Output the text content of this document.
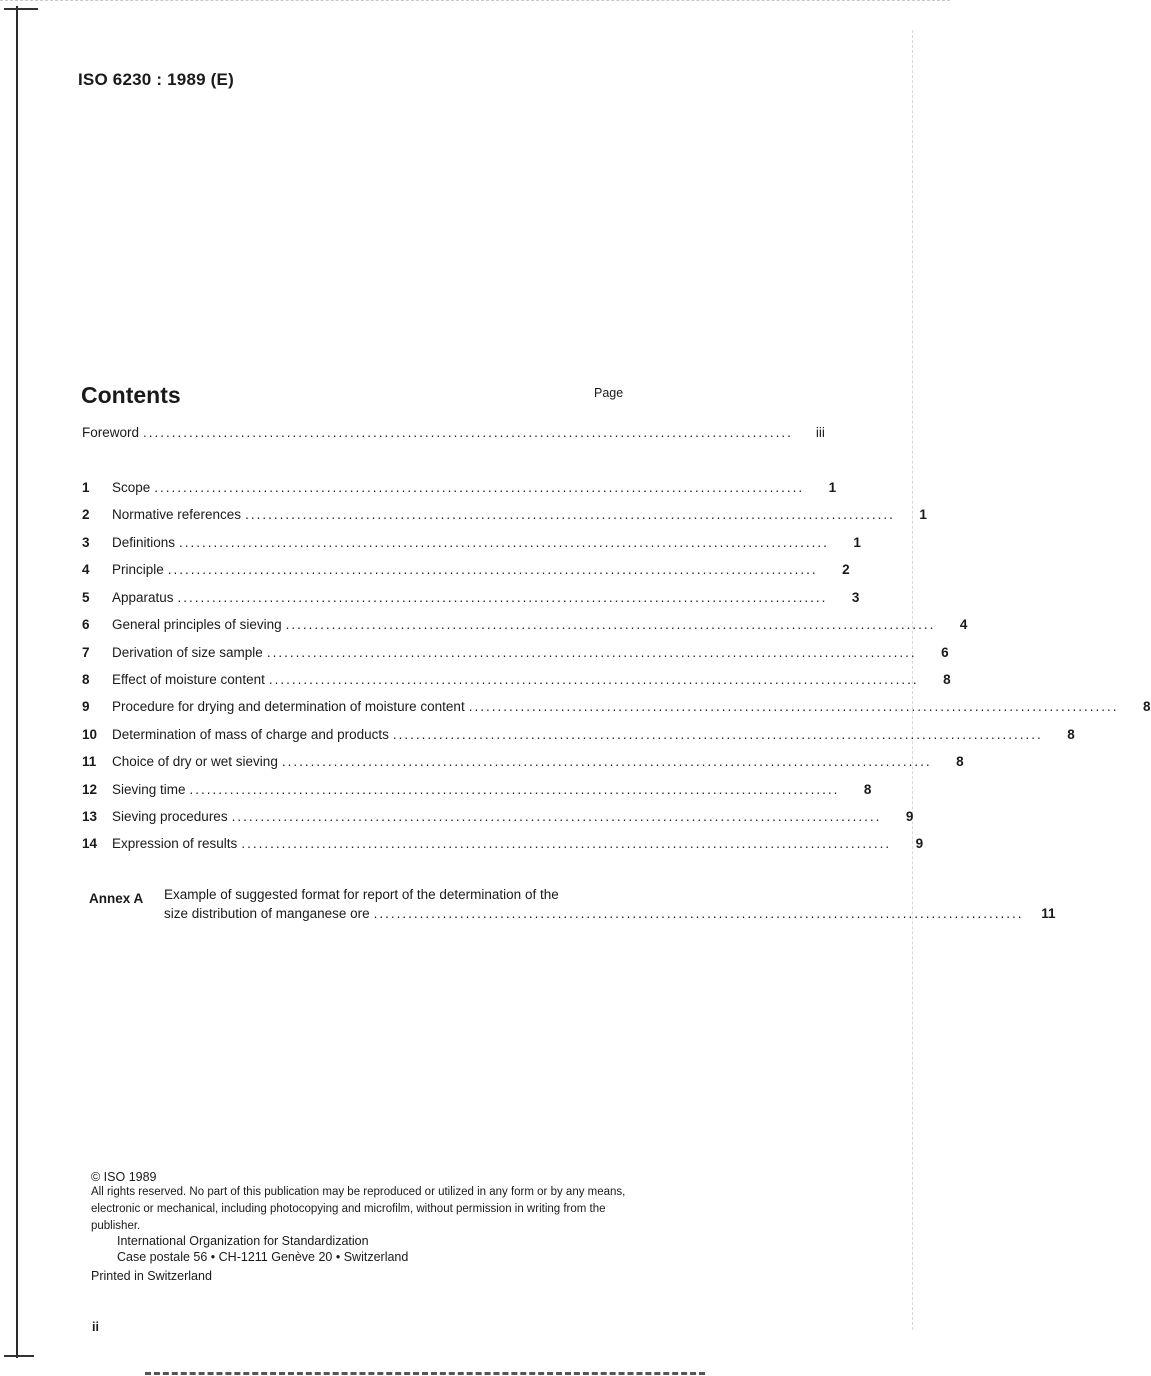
ISO 6230 : 1989 (E)
Contents	Page
Foreword .................................................................................................................	iii
1	Scope .................................................................................................................	1
2	Normative references .................................................................................................................	1
3	Definitions .................................................................................................................	1
4	Principle .................................................................................................................	2
5	Apparatus .................................................................................................................	3
6	General principles of sieving .................................................................................................................	4
7	Derivation of size sample .................................................................................................................	6
8	Effect of moisture content .................................................................................................................	8
9	Procedure for drying and determination of moisture content .................................................................................................................	8
10	Determination of mass of charge and products .................................................................................................................	8
11	Choice of dry or wet sieving .................................................................................................................	8
12	Sieving time .................................................................................................................	8
13	Sieving procedures .................................................................................................................	9
14	Expression of results .................................................................................................................	9
Annex A Example of suggested format for report of the determination of the
size distribution of manganese ore .................................................................................................................	11
© ISO 1989
All rights reserved. No part of this publication may be reproduced or utilized in any form or by any means, electronic or mechanical, including photocopying and microfilm, without permission in writing from the publisher.
International Organization for Standardization
Case postale 56 • CH-1211 Genève 20 • Switzerland
Printed in Switzerland
ii
